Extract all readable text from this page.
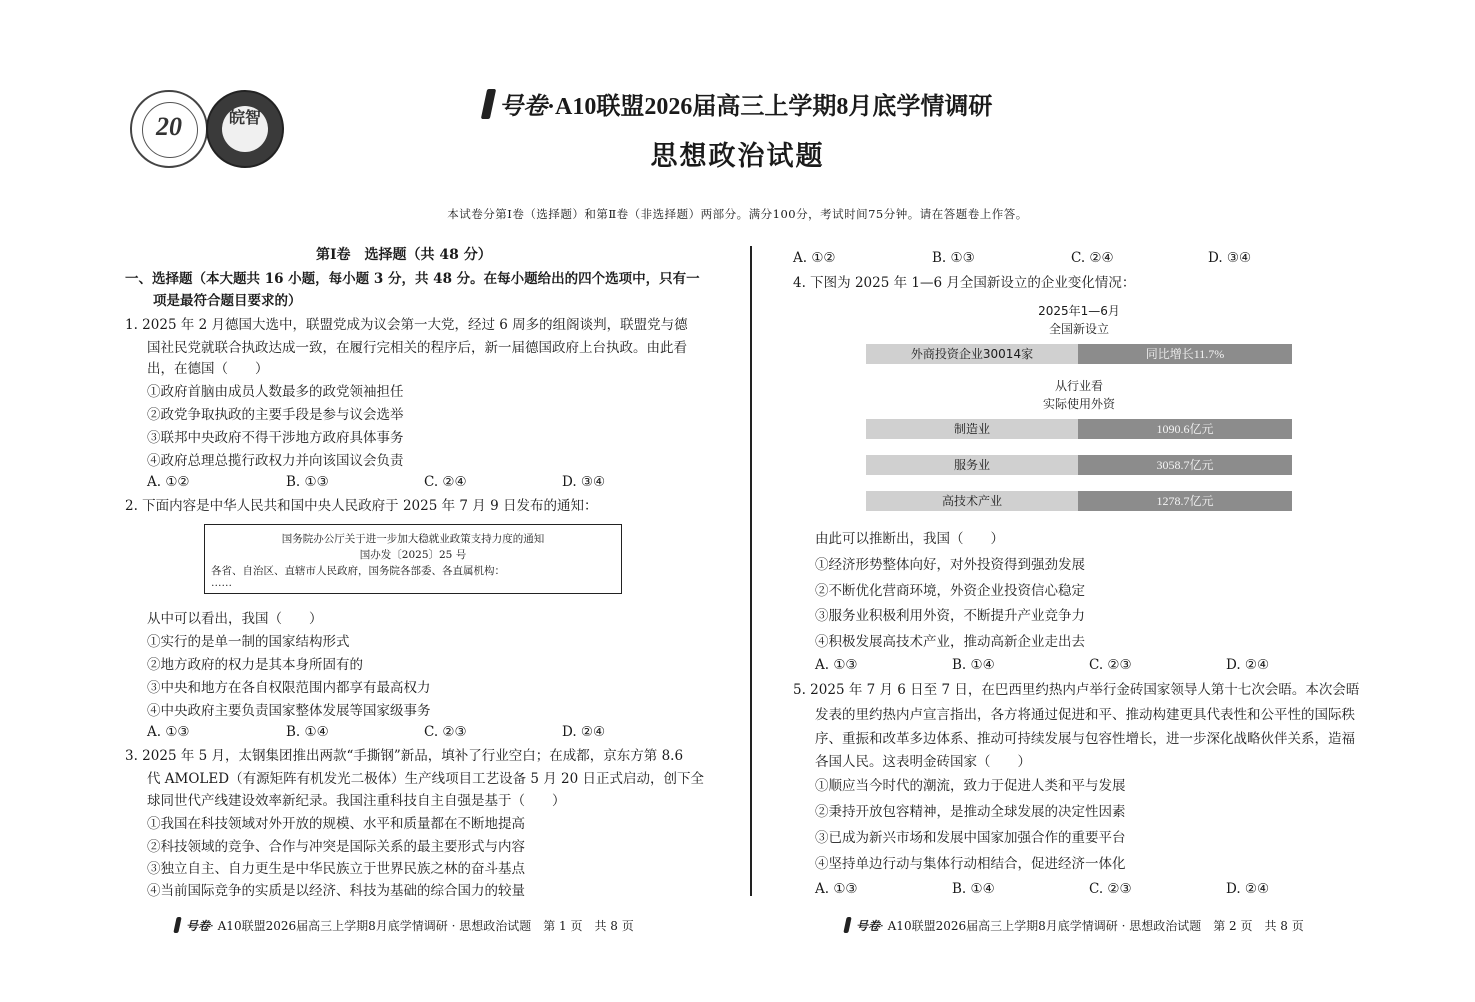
20	皖智	号卷·A10联盟2026届高三上学期8月底学情调研
思想政治试题
本试卷分第Ⅰ卷（选择题）和第Ⅱ卷（非选择题）两部分。满分100分，考试时间75分钟。请在答题卷上作答。
第Ⅰ卷　选择题（共 48 分）
一、选择题（本大题共 16 小题，每小题 3 分，共 48 分。在每小题给出的四个选项中，只有一
项是最符合题目要求的）
1. 2025 年 2 月德国大选中，联盟党成为议会第一大党，经过 6 周多的组阁谈判，联盟党与德
国社民党就联合执政达成一致，在履行完相关的程序后，新一届德国政府上台执政。由此看
出，在德国（　　）
①政府首脑由成员人数最多的政党领袖担任
②政党争取执政的主要手段是参与议会选举
③联邦中央政府不得干涉地方政府具体事务
④政府总理总揽行政权力并向该国议会负责
A. ①②	B. ①③	C. ②④	D. ③④
2. 下面内容是中华人民共和国中央人民政府于 2025 年 7 月 9 日发布的通知：
国务院办公厅关于进一步加大稳就业政策支持力度的通知
国办发〔2025〕25 号
各省、自治区、直辖市人民政府，国务院各部委、各直属机构：
……
从中可以看出，我国（　　）
①实行的是单一制的国家结构形式
②地方政府的权力是其本身所固有的
③中央和地方在各自权限范围内都享有最高权力
④中央政府主要负责国家整体发展等国家级事务
A. ①③	B. ①④	C. ②③	D. ②④
3. 2025 年 5 月，太钢集团推出两款“手撕钢”新品，填补了行业空白；在成都，京东方第 8.6
代 AMOLED（有源矩阵有机发光二极体）生产线项目工艺设备 5 月 20 日正式启动，创下全
球同世代产线建设效率新纪录。我国注重科技自主自强是基于（　　）
①我国在科技领域对外开放的规模、水平和质量都在不断地提高
②科技领域的竞争、合作与冲突是国际关系的最主要形式与内容
③独立自主、自力更生是中华民族立于世界民族之林的奋斗基点
④当前国际竞争的实质是以经济、科技为基础的综合国力的较量
号卷· A10联盟2026届高三上学期8月底学情调研 · 思想政治试题　第 1 页　共 8 页
A. ①②	B. ①③	C. ②④	D. ③④
4. 下图为 2025 年 1—6 月全国新设立的企业变化情况：
2025年1—6月
全国新设立
外商投资企业30014家	同比增长11.7%
从行业看
实际使用外资
制造业	1090.6亿元
服务业	3058.7亿元
高技术产业	1278.7亿元
由此可以推断出，我国（　　）
①经济形势整体向好，对外投资得到强劲发展
②不断优化营商环境，外资企业投资信心稳定
③服务业积极利用外资，不断提升产业竞争力
④积极发展高技术产业，推动高新企业走出去
A. ①③	B. ①④	C. ②③	D. ②④
5. 2025 年 7 月 6 日至 7 日，在巴西里约热内卢举行金砖国家领导人第十七次会晤。本次会晤
发表的里约热内卢宣言指出，各方将通过促进和平、推动构建更具代表性和公平性的国际秩
序、重振和改革多边体系、推动可持续发展与包容性增长，进一步深化战略伙伴关系，造福
各国人民。这表明金砖国家（　　）
①顺应当今时代的潮流，致力于促进人类和平与发展
②秉持开放包容精神，是推动全球发展的决定性因素
③已成为新兴市场和发展中国家加强合作的重要平台
④坚持单边行动与集体行动相结合，促进经济一体化
A. ①③	B. ①④	C. ②③	D. ②④
号卷· A10联盟2026届高三上学期8月底学情调研 · 思想政治试题　第 2 页　共 8 页
